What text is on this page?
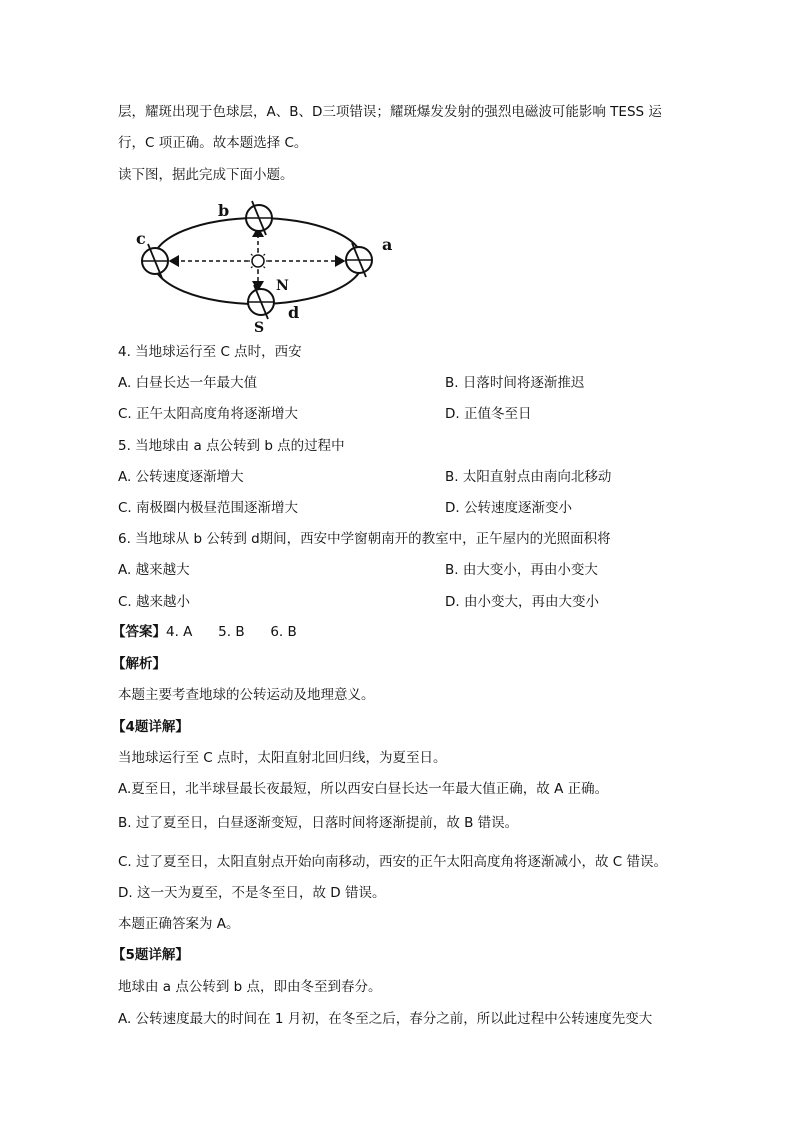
层，耀斑出现于色球层，A、B、D三项错误；耀斑爆发发射的强烈电磁波可能影响 TESS 运
行，C 项正确。故本题选择 C。
读下图，据此完成下面小题。
b
c	a
N
S
d
4. 当地球运行至 C 点时，西安
A. 白昼长达一年最大值	B. 日落时间将逐渐推迟
C. 正午太阳高度角将逐渐增大	D. 正值冬至日
5. 当地球由 a 点公转到 b 点的过程中
A. 公转速度逐渐增大	B. 太阳直射点由南向北移动
C. 南极圈内极昼范围逐渐增大	D. 公转速度逐渐变小
6. 当地球从 b 公转到 d期间，西安中学窗朝南开的教室中，正午屋内的光照面积将
A. 越来越大	B. 由大变小，再由小变大
C. 越来越小	D. 由小变大，再由大变小
【答案】4. A      5. B      6. B
【解析】
本题主要考查地球的公转运动及地理意义。
【4题详解】
当地球运行至 C 点时，太阳直射北回归线，为夏至日。
A.夏至日，北半球昼最长夜最短，所以西安白昼长达一年最大值正确，故 A 正确。
B. 过了夏至日，白昼逐渐变短，日落时间将逐渐提前，故 B 错误。
C. 过了夏至日，太阳直射点开始向南移动，西安的正午太阳高度角将逐渐减小，故 C 错误。
D. 这一天为夏至，不是冬至日，故 D 错误。
本题正确答案为 A。
【5题详解】
地球由 a 点公转到 b 点，即由冬至到春分。
A. 公转速度最大的时间在 1 月初，在冬至之后，春分之前，所以此过程中公转速度先变大
